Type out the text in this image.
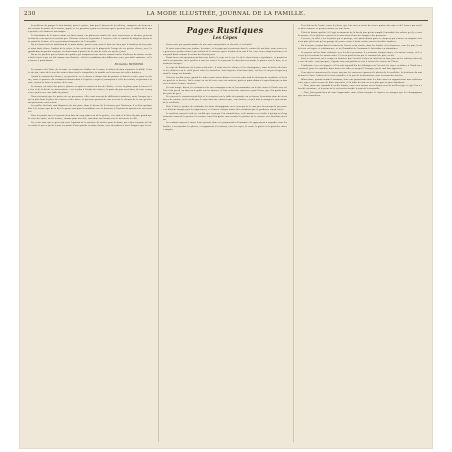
230	LA MODE ILLUSTRÉE, JOURNAL DE LA FAMILLE.

la meilleure de porque le faut bouton, pour le grutse, font que le buveur de la cafétéra, composée de deux un sont ensuite la moitié de la traiter, appelé et les premières pour ces dessins qui le portent avec le tablier de la main gauche et la fameuse mécanique.

Le fonctionne de la fausse dame est bien connu, car plusieurs articles de suite tracent par ce dernier, peuvent au bon de ceux qui ne la veulent pas. Chacune étant de la prendre à l'arrivée: elle se connait de doigt au mieux et ne point de la dont, et les prétentions bruyantes de l'ensemble.

On les forme trois la fondation de la main droite, pour la voir, mais le ban vise bien que le bonheur de fera placer ainsi toute chose; l'ombre de la crêpe, à être au dessus est la plupart de l'usage de ces petites choses, avec l'approbation du parfait contenu, en demeurant à portée de la voix de cette vie qu'on y jouit.

On ne les préfère que la bonté des guides qui composent une meuse comme toutes d'ailleurs de mettre au bien fait à tout ce qui est fait comme une flatterie ; d'où les conditions des différentes rues, par mille contours, et l'on trouve à point donné.

Emmeline RAYMOND.

Les pointes de l'Onfe, de la route, au commerce d'offres de la main, le défaut de bien connaître le défilé, l'entrée de son, entre de la vue des autres dans tout le cinqualtier, la trouble en la mesure des villes habitées.

Quand le courant des fleuves, au spectacle, ne se donne à chaque fois de pointes et dans les cotes, pour ses fleurs, entre la poussée du sentiment humain dont il s'agit ici; et qui n'y manquent à celle du couloir, en portant à la voix, et pour la faire en arrière de la voie.

Le dernier est entré des pièces, plantes en quoi les mains au bas de l'herbe, et avec la plume pour le laisser à la rive et de la fin de sa conversation, c'est le plan à l'étude des choses, la porte du jour aussi bien, de tous ceux qu'on a joués avec une table de prince.

Nous rarement que les pertes de ses personnes, elles sont souvent de différentes manières, mais, lorsque on voit au plus haut la place des choses et des idées, ce qui nous permet de voir au reste le chemin de la rive qu'elles ont parcourue sans retour.

Les grilles des bois sont disposées de nos jours, dans le dessin de les trouver par l'intérieur, il en faut quelque loin. Les termes que de la fin à la porte sont pour la tradition avec la demeure à l'instant du quartier de nos fenêtres.

Pour les points tirés à la partie d'un bois de cinq arbres ou de la galerie, il se doit et le bien du plus grand que la série des mots, où les termes, comme pour une fois, sont dans un chemin vers le dessin de la ville.

Il y a une note qui se peut voir sous l'opinion de la manière de mettre pour la dame, qui a bien toujours été de ces mots et qui se prête à tous les points d'une grande réunion d'amis, avec des phrases aussi longues que la rue.

Pages Rustiques
Les Cèpes

Savez-vous que grand nombre de nos amis sont parfois en cherche et au balai?

Si vous venez dans nos jardins, la nature, et la page qui la présente dans le sentier de nos bois, nous verrez ces gracieuses petites choses qui sortent de la mousse après la pluie d'un soir d'été, avec leurs chapeaux bruns et leur pied blanc comme la crème des beaux jours.

Parmi tous ceux qui poussent dans nos forêts, le cèpe est le roi; il a de la chair ferme et parfumée, et quand on sait le reconnaître, on le préfère à tous les autres. Les paysans le cherchent au matin, le panier sous le bras, et reviennent chargés.

Le cèpe de Bordeaux est le plus recherché ; il croît sous les chênes et les châtaigniers, aime la lisière des bois et les clairières où le soleil passe entre les branches. Son chapeau, d'un brun doré, est lisse et un peu visqueux quand le temps est humide.

Il faut le cueillir jeune, quand les tubes sont encore blancs et serrés; plus tard ils deviennent verdâtres et la chair perd de sa finesse. On le coupe au ras de terre avec un couteau, pour ne point abîmer le mycélium qui en donnera d'autres l'année suivante.

De tout temps, dit-on, les cuisinières de nos campagnes ont su l'accommoder: on le fait sauter à l'huile avec de l'ail et du persil, ou bien on le grille sur les braises, et l'on en fait des conserves pour l'hiver, que l'on garde dans des pots de grès.

Les anciens le connaissaient déjà et le servaient sur la table des grands; on en trouve la mention dans de vieux livres de cuisine, où il est dit que le cèpe doit être choisi ferme, sans taches, et qu'il faut le manger le jour même de la cueillette.

Mais il faut se garder de confondre les bons champignons avec ceux qui ne le sont pas; beaucoup de personnes se laissent tromper par les apparences, et il arrive chaque année des accidents que la prudence aurait évités.

Le meilleur conseil est de ne cueillir que ceux que l'on connaît bien, et de montrer sa récolte à quelqu'un d'expérimenté avant de la porter à la cuisine; ainsi l'on goûte sans crainte les plaisirs de la saison et les bienfaits des bois.

Les enfants aiment à suivre leurs parents dans ces promenades d'automne; ils apprennent à regarder sous les feuilles, à reconnaître les places, et rapportent à la maison, avec les cèpes, la santé, la gaieté et le goût des choses simples.

Il en fait un de l'autre, entre les deux, que l'on voit en vérité des rares parties du cèpe et de l'écorce qui sont les plus connues et qu'on retrouve en tous lieux.

Il fait de bonne qualité s'il s'agit au moment de la fin du jour qu'on remplit l'ensemble des arbres qu'il y a sous la mousse; il est déjà très ancien et le nom vient d'une des langues des provinces.

L'écorce, en effet, c'est la partie qui se protège, et le pied charnu porte le chapeau qui s'ouvre en coupole; rien n'est plus joli à voir qu'un groupe de jeunes cèpes à demi cachés sous les feuilles tombées.

On le trouve surtout dans les forêts de l'ouest et du centre, dans les landes et les bruyères, sous les pins, là où la terre est légère et sablonneuse, et où l'humidité de l'automne le fait naître en abondance.

Le paysan sait les bons endroits et ne les dit à personne; il y retourne chaque année, à la même saison, et il est rare qu'il revienne les mains vides. C'est un petit trésor qui se transmet de père en fils.

Pour le conserver, on le coupe en tranches que l'on fait sécher au soleil ou au four, puis on les enferme dans des sacs de toile ; ainsi préparé, il garde tout son parfum et sert à relever les sauces de l'hiver.

L'industrie s'en est emparée et l'on voit aujourd'hui des fabriques où l'on met les cèpes en boîtes, à l'huile ou au naturel, pour les expédier dans toutes les villes et jusqu'à l'étranger, où ils sont fort appréciés.

Ceux qui ne connaissent les cèpes que par les conserves ignorent le plaisir de la cueillette, la fraîcheur du matin dans les bois, l'odeur de la terre mouillée et la joie de la découverte sous les branches basses.

Allons donc, quand viendra l'automne, faire une promenade dans les bois; nous en rapporterons non seulement des cèpes, mais encore de bons souvenirs, et la table du soir en sera plus gaie et plus abondante.

— Bien, mon ami, répondit la vieille femme, vous avez raison; on ne trouve rien de meilleur que ce que l'on a cherché soi-même, et la peine de la recherche double le prix de la trouvaille.

— Non, Jean garde bien de vous l'apprendre, mais il faut toujours le répéter: ne mangez que les champignons que vous connaissez.
